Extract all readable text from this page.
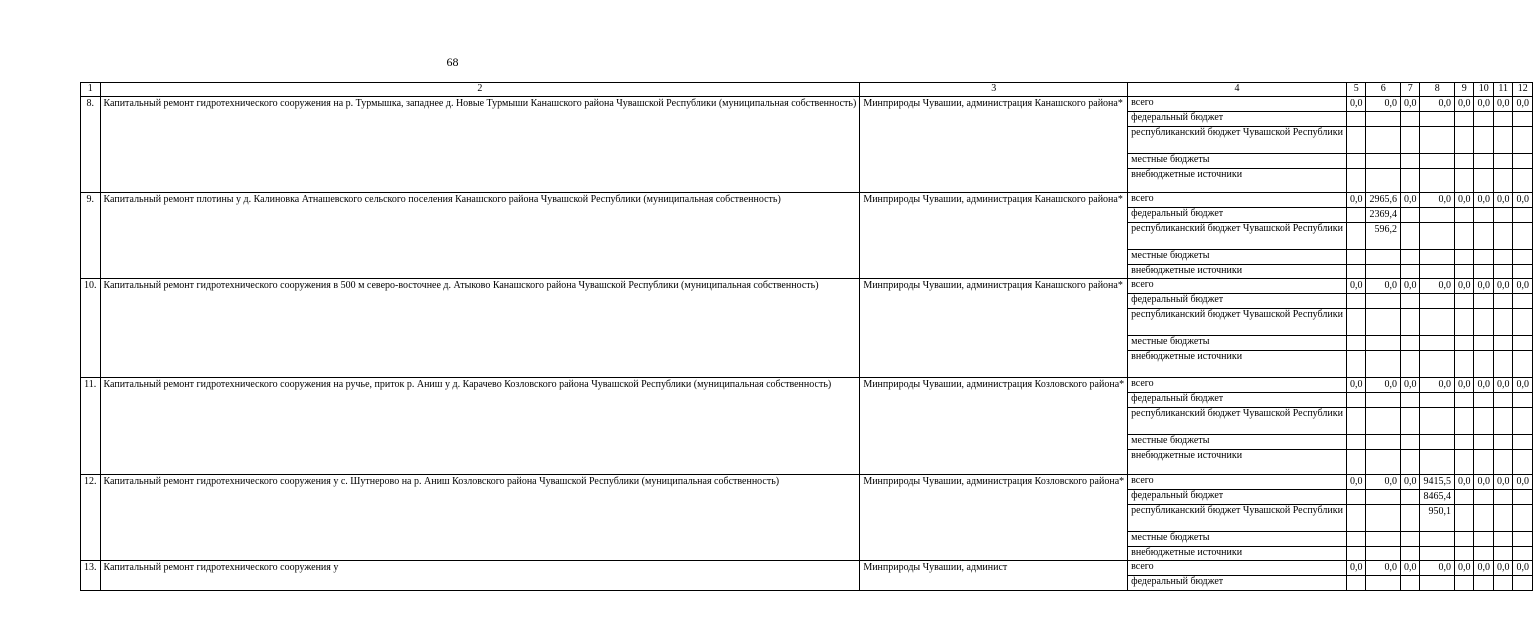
68
1	2	3	4	5	6	7	8	9	10	11	12
8.	Капитальный ремонт гидротехнического сооружения на р. Турмышка, западнее д. Новые Турмыши Канашского района Чувашской Республики (муниципальная собственность)	Минприроды Чувашии, администрация Канашского района*	всего	0,0	0,0	0,0	0,0	0,0	0,0	0,0	0,0
			федеральный бюджет								
			республиканский бюджет Чувашской Республики								
			местные бюджеты								
			внебюджетные источники								
9.	Капитальный ремонт плотины у д. Калиновка Атнашевского сельского поселения Канашского района Чувашской Республики (муниципальная собственность)	Минприроды Чувашии, администрация Канашского района*	всего	0,0	2965,6	0,0	0,0	0,0	0,0	0,0	0,0
			федеральный бюджет		2369,4						
			республиканский бюджет Чувашской Республики		596,2						
			местные бюджеты								
			внебюджетные источники								
10.	Капитальный ремонт гидротехнического сооружения в 500 м северо-восточнее д. Атыково Канашского района Чувашской Республики (муниципальная собственность)	Минприроды Чувашии, администрация Канашского района*	всего	0,0	0,0	0,0	0,0	0,0	0,0	0,0	0,0
			федеральный бюджет								
			республиканский бюджет Чувашской Республики								
			местные бюджеты								
			внебюджетные источники								
11.	Капитальный ремонт гидротехнического сооружения на ручье, приток р. Аниш у д. Карачево Козловского района Чувашской Республики (муниципальная собственность)	Минприроды Чувашии, администрация Козловского района*	всего	0,0	0,0	0,0	0,0	0,0	0,0	0,0	0,0
			федеральный бюджет								
			республиканский бюджет Чувашской Республики								
			местные бюджеты								
			внебюджетные источники								
12.	Капитальный ремонт гидротехнического сооружения у с. Шутнерово на р. Аниш Козловского района Чувашской Республики (муниципальная собственность)	Минприроды Чувашии, администрация Козловского района*	всего	0,0	0,0	0,0	9415,5	0,0	0,0	0,0	0,0
			федеральный бюджет				8465,4				
			республиканский бюджет Чувашской Республики				950,1				
			местные бюджеты								
			внебюджетные источники								
13.	Капитальный ремонт гидротехнического сооружения у	Минприроды Чувашии, админист	всего	0,0	0,0	0,0	0,0	0,0	0,0	0,0	0,0
			федеральный бюджет								
